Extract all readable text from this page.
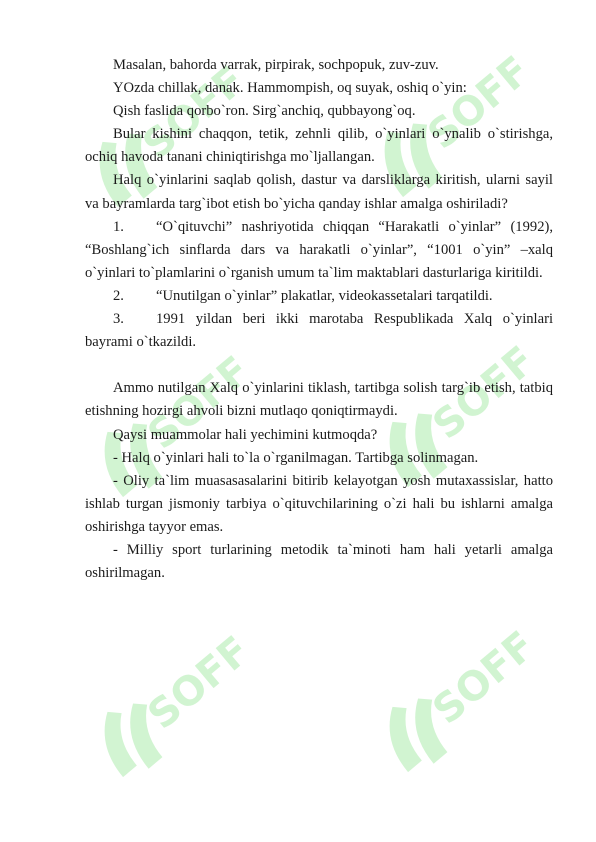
SOFF	SOFF
SOFF	SOFF
SOFF	SOFF

Masalan, bahorda varrak, pirpirak, sochpopuk, zuv-zuv.

YOzda chillak, danak. Hammompish, oq suyak, oshiq o`yin:

Qish faslida qorbo`ron. Sirg`anchiq, qubbayong`oq.

Bular kishini chaqqon, tetik, zehnli qilib, o`yinlari o`ynalib o`stirishga, ochiq havoda tanani chiniqtirishga mo`ljallangan.

Halq o`yinlarini saqlab qolish, dastur va darsliklarga kiritish, ularni sayil va bayramlarda targ`ibot etish bo`yicha qanday ishlar amalga oshiriladi?

1. “O`qituvchi” nashriyotida chiqqan “Harakatli o`yinlar” (1992), “Boshlang`ich sinflarda dars va harakatli o`yinlar”, “1001 o`yin” –xalq o`yinlari to`plamlarini o`rganish umum ta`lim maktablari dasturlariga kiritildi.

2. “Unutilgan o`yinlar” plakatlar, videokassetalari tarqatildi.

3. 1991 yildan beri ikki marotaba Respublikada Xalq o`yinlari bayrami o`tkazildi.

Ammo nutilgan Xalq o`yinlarini tiklash, tartibga solish targ`ib etish, tatbiq etishning hozirgi ahvoli bizni mutlaqo qoniqtirmaydi.

Qaysi muammolar hali yechimini kutmoqda?

- Halq o`yinlari hali to`la o`rganilmagan. Tartibga solinmagan.

- Oliy ta`lim muasasasalarini bitirib kelayotgan yosh mutaxassislar, hatto ishlab turgan jismoniy tarbiya o`qituvchilarining o`zi hali bu ishlarni amalga oshirishga tayyor emas.

- Milliy sport turlarining metodik ta`minoti ham hali yetarli amalga oshirilmagan.
